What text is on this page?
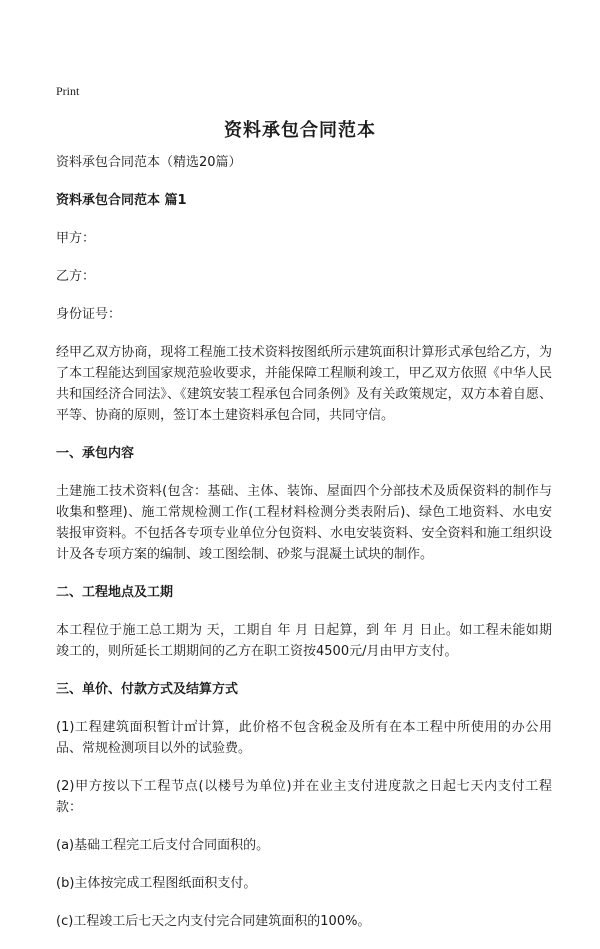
Print
资料承包合同范本

资料承包合同范本（精选20篇）

资料承包合同范本 篇1

甲方：

乙方：

身份证号：

经甲乙双方协商，现将工程施工技术资料按图纸所示建筑面积计算形式承包给乙方，为了本工程能达到国家规范验收要求，并能保障工程顺利竣工，甲乙双方依照《中华人民共和国经济合同法》、《建筑安装工程承包合同条例》及有关政策规定，双方本着自愿、平等、协商的原则，签订本土建资料承包合同，共同守信。

一、承包内容

土建施工技术资料(包含：基础、主体、装饰、屋面四个分部技术及质保资料的制作与收集和整理)、施工常规检测工作(工程材料检测分类表附后)、绿色工地资料、水电安装报审资料。不包括各专项专业单位分包资料、水电安装资料、安全资料和施工组织设计及各专项方案的编制、竣工图绘制、砂浆与混凝土试块的制作。

二、工程地点及工期

本工程位于施工总工期为 天，工期自 年 月 日起算，到 年 月 日止。如工程未能如期竣工的，则所延长工期期间的乙方在职工资按4500元/月由甲方支付。

三、单价、付款方式及结算方式

(1)工程建筑面积暂计㎡计算，此价格不包含税金及所有在本工程中所使用的办公用品、常规检测项目以外的试验费。

(2)甲方按以下工程节点(以楼号为单位)并在业主支付进度款之日起七天内支付工程款：

(a)基础工程完工后支付合同面积的。

(b)主体按完成工程图纸面积支付。

(c)工程竣工后七天之内支付完合同建筑面积的100%。
